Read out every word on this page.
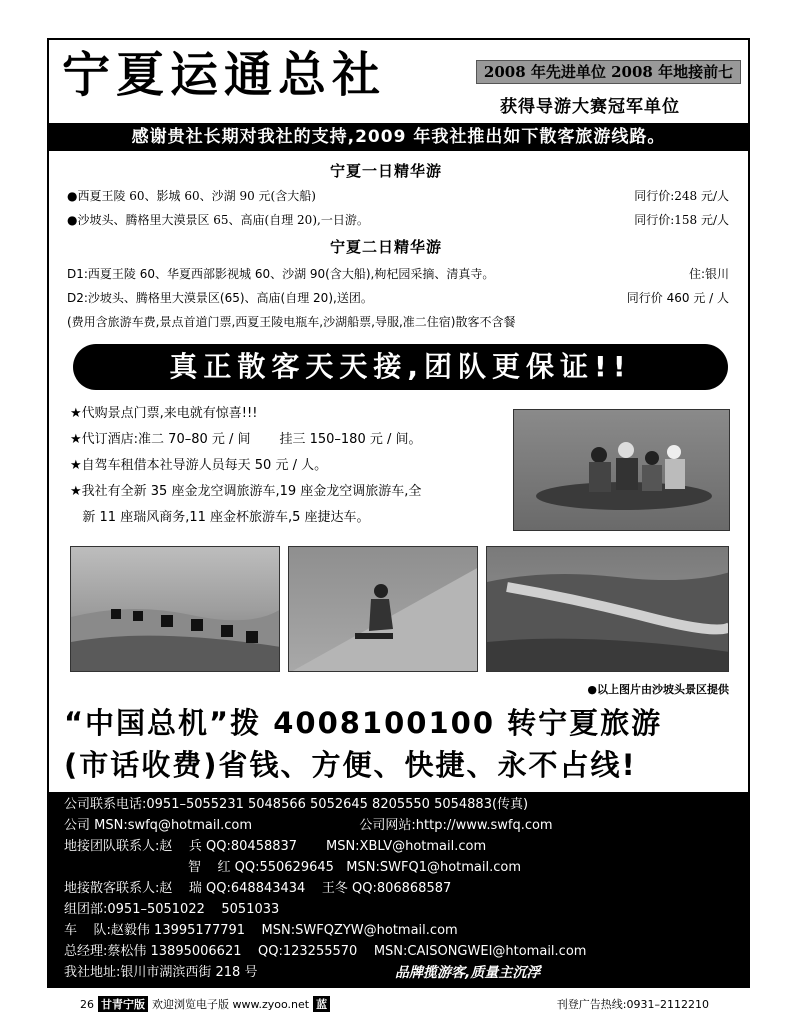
宁夏运通总社	2008 年先进单位 2008 年地接前七
获得导游大赛冠军单位
感谢贵社长期对我社的支持,2009 年我社推出如下散客旅游线路。
宁夏一日精华游
●西夏王陵 60、影城 60、沙湖 90 元(含大船)	同行价:248 元/人
●沙坡头、腾格里大漠景区 65、高庙(自理 20),一日游。	同行价:158 元/人
宁夏二日精华游
D1:西夏王陵 60、华夏西部影视城 60、沙湖 90(含大船),枸杞园采摘、清真寺。	住:银川
D2:沙坡头、腾格里大漠景区(65)、高庙(自理 20),送团。	同行价 460 元 / 人
(费用含旅游车费,景点首道门票,西夏王陵电瓶车,沙湖船票,导服,准二住宿)散客不含餐
真正散客天天接,团队更保证!!
★代购景点门票,来电就有惊喜!!!
★代订酒店:准二 70–80 元 / 间       挂三 150–180 元 / 间。
★自驾车租借本社导游人员每天 50 元 / 人。
★我社有全新 35 座金龙空调旅游车,19 座金龙空调旅游车,全
新 11 座瑞风商务,11 座金杯旅游车,5 座捷达车。
●以上图片由沙坡头景区提供
“中国总机”拨 4008100100 转宁夏旅游
(市话收费)省钱、方便、快捷、永不占线!
公司联系电话:0951–5055231 5048566 5052645 8205550 5054883(传真)
公司 MSN:swfq@hotmail.com                          公司网站:http://www.swfq.com
地接团队联系人:赵    兵 QQ:80458837       MSN:XBLV@hotmail.com
智    红 QQ:550629645   MSN:SWFQ1@hotmail.com
地接散客联系人:赵    瑞 QQ:648843434    王冬 QQ:806868587
组团部:0951–5051022    5051033
车    队:赵毅伟 13995177791    MSN:SWFQZYW@hotmail.com
总经理:蔡松伟 13895006621    QQ:123255570    MSN:CAISONGWEI@htomail.com
我社地址:银川市湖滨西街 218 号	品牌揽游客,质量主沉浮
26 甘青宁版 欢迎浏览电子版 www.zyoo.net 蓝	刊登广告热线:0931–2112210
